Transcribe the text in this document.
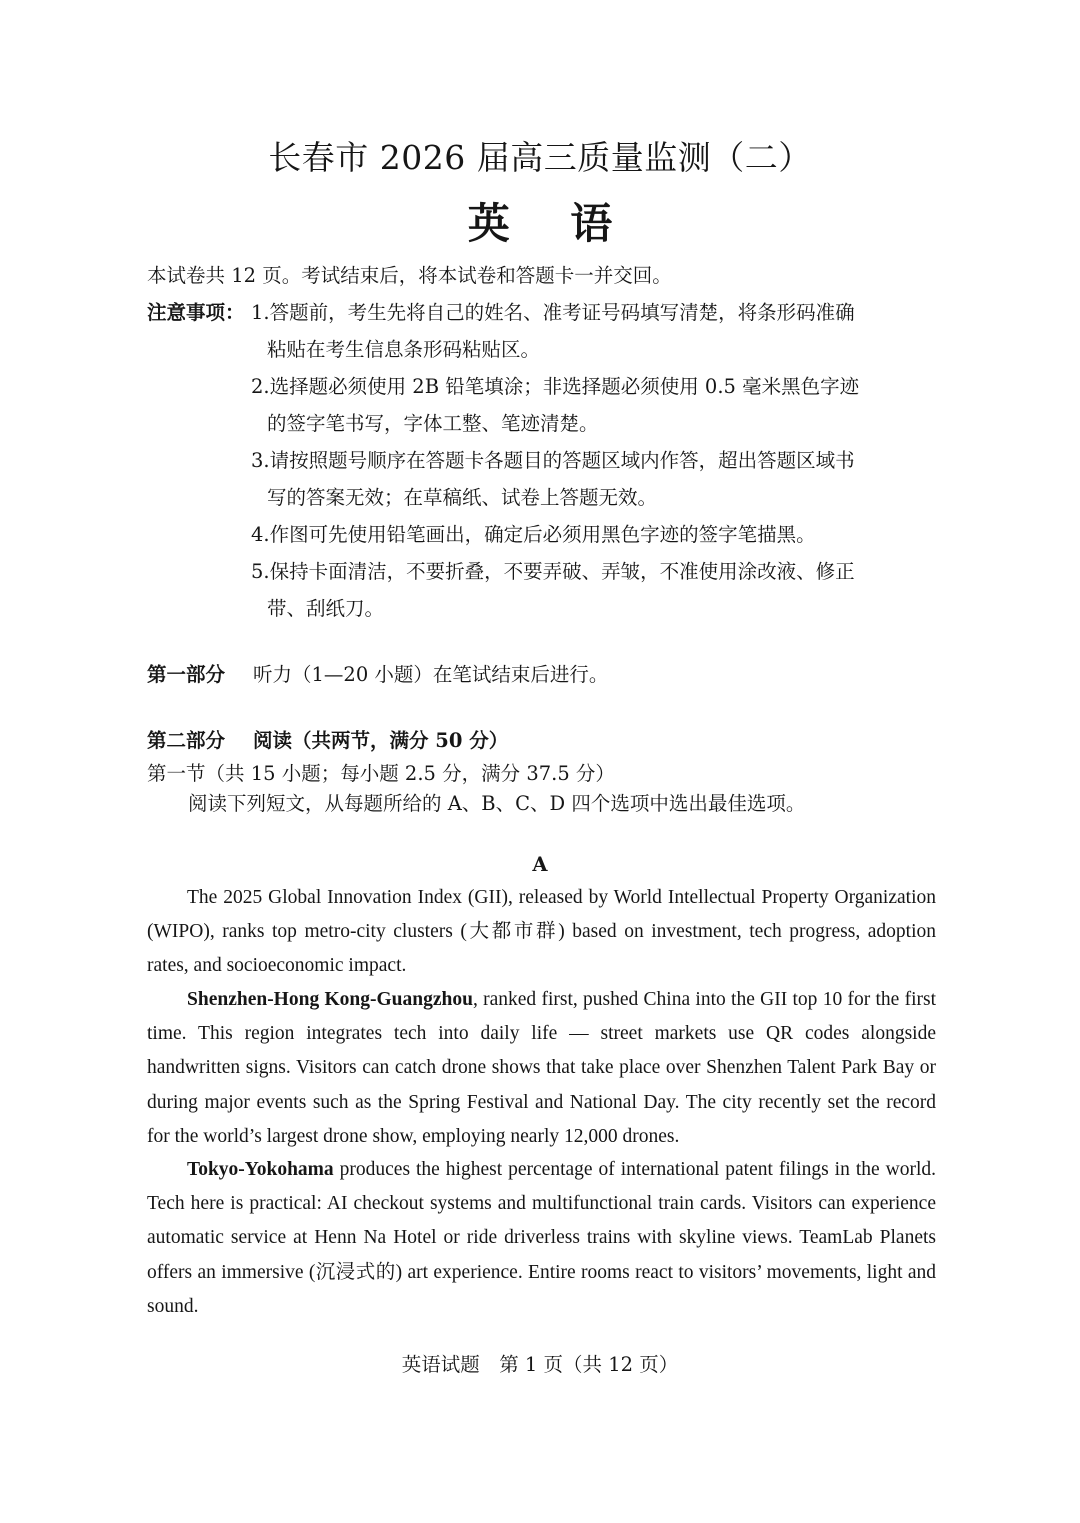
长春市 2026 届高三质量监测（二）
英 语
本试卷共 12 页。考试结束后，将本试卷和答题卡一并交回。
注意事项： 1.答题前，考生先将自己的姓名、准考证号码填写清楚，将条形码准确
粘贴在考生信息条形码粘贴区。
2.选择题必须使用 2B 铅笔填涂；非选择题必须使用 0.5 毫米黑色字迹
的签字笔书写，字体工整、笔迹清楚。
3.请按照题号顺序在答题卡各题目的答题区域内作答，超出答题区域书
写的答案无效；在草稿纸、试卷上答题无效。
4.作图可先使用铅笔画出，确定后必须用黑色字迹的签字笔描黑。
5.保持卡面清洁，不要折叠，不要弄破、弄皱，不准使用涂改液、修正
带、刮纸刀。
第一部分 听力（1—20 小题）在笔试结束后进行。
第二部分 阅读（共两节，满分 50 分）
第一节（共 15 小题；每小题 2.5 分，满分 37.5 分）
阅读下列短文，从每题所给的 A、B、C、D 四个选项中选出最佳选项。
A

The 2025 Global Innovation Index (GII), released by World Intellectual Property Organization (WIPO), ranks top metro-city clusters (大都市群) based on investment, tech progress, adoption rates, and socioeconomic impact.

Shenzhen-Hong Kong-Guangzhou, ranked first, pushed China into the GII top 10 for the first time. This region integrates tech into daily life — street markets use QR codes alongside handwritten signs. Visitors can catch drone shows that take place over Shenzhen Talent Park Bay or during major events such as the Spring Festival and National Day. The city recently set the record for the world’s largest drone show, employing nearly 12,000 drones.

Tokyo-Yokohama produces the highest percentage of international patent filings in the world. Tech here is practical: AI checkout systems and multifunctional train cards. Visitors can experience automatic service at Henn Na Hotel or ride driverless trains with skyline views. TeamLab Planets offers an immersive (沉浸式的) art experience. Entire rooms react to visitors’ movements, light and sound.

英语试题　第 1 页（共 12 页）
